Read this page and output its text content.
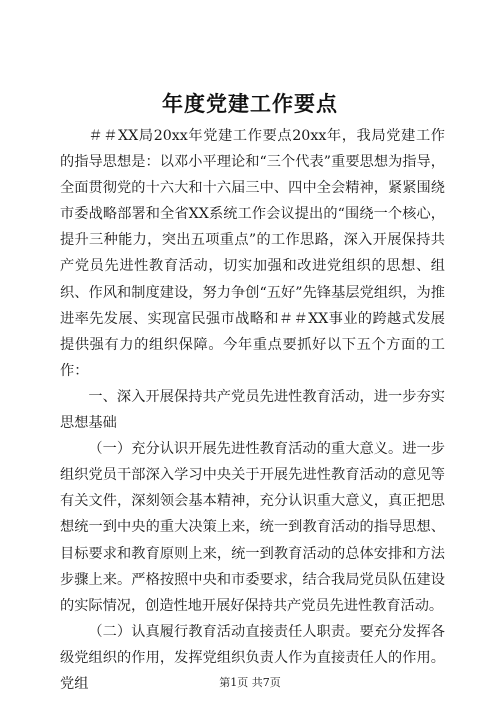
年度党建工作要点

＃＃XX局20xx年党建工作要点20xx年，我局党建工作的指导思想是：以邓小平理论和“三个代表”重要思想为指导，全面贯彻党的十六大和十六届三中、四中全会精神，紧紧围绕市委战略部署和全省XX系统工作会议提出的“围绕一个核心，提升三种能力，突出五项重点”的工作思路，深入开展保持共产党员先进性教育活动，切实加强和改进党组织的思想、组织、作风和制度建设，努力争创“五好”先锋基层党组织，为推进率先发展、实现富民强市战略和＃＃XX事业的跨越式发展提供强有力的组织保障。今年重点要抓好以下五个方面的工作：

一、深入开展保持共产党员先进性教育活动，进一步夯实思想基础

（一）充分认识开展先进性教育活动的重大意义。进一步组织党员干部深入学习中央关于开展先进性教育活动的意见等有关文件，深刻领会基本精神，充分认识重大意义，真正把思想统一到中央的重大决策上来，统一到教育活动的指导思想、目标要求和教育原则上来，统一到教育活动的总体安排和方法步骤上来。严格按照中央和市委要求，结合我局党员队伍建设的实际情况，创造性地开展好保持共产党员先进性教育活动。

（二）认真履行教育活动直接责任人职责。要充分发挥各级党组织的作用，发挥党组织负责人作为直接责任人的作用。党组	第1页 共7页
